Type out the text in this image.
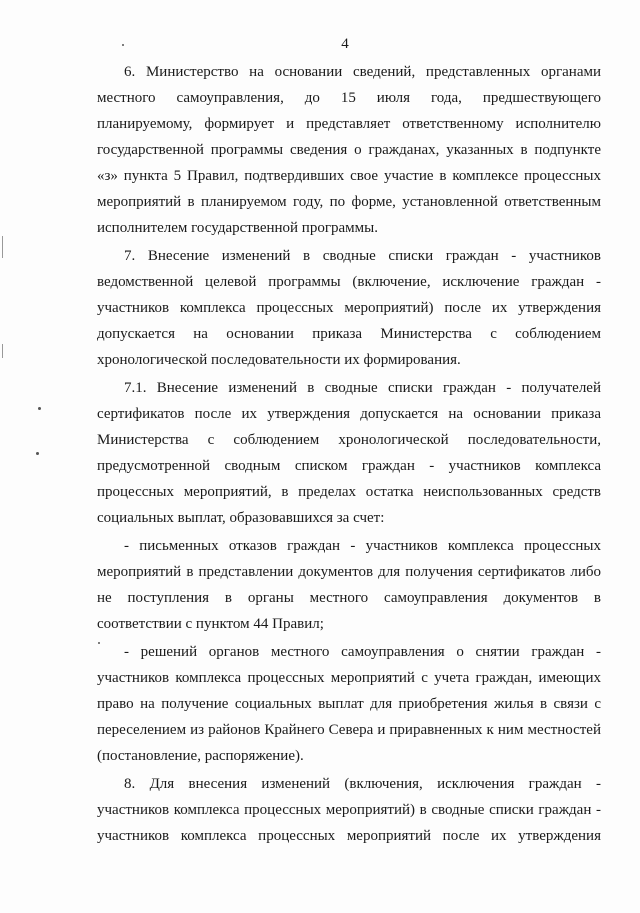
4

6. Министерство на основании сведений, представленных органами
местного самоуправления, до 15 июля года, предшествующего
планируемому, формирует и представляет ответственному исполнителю
государственной программы сведения о гражданах, указанных в подпункте
«з» пункта 5 Правил, подтвердивших свое участие в комплексе процессных
мероприятий в планируемом году, по форме, установленной ответственным
исполнителем государственной программы.

7. Внесение изменений в сводные списки граждан - участников
ведомственной целевой программы (включение, исключение граждан -
участников комплекса процессных мероприятий) после их утверждения
допускается на основании приказа Министерства с соблюдением
хронологической последовательности их формирования.

7.1. Внесение изменений в сводные списки граждан - получателей
сертификатов после их утверждения допускается на основании приказа
Министерства с соблюдением хронологической последовательности,
предусмотренной сводным списком граждан - участников комплекса
процессных мероприятий, в пределах остатка неиспользованных средств
социальных выплат, образовавшихся за счет:

- письменных отказов граждан - участников комплекса процессных
мероприятий в представлении документов для получения сертификатов либо
не поступления в органы местного самоуправления документов в
соответствии с пунктом 44 Правил;

- решений органов местного самоуправления о снятии граждан -
участников комплекса процессных мероприятий с учета граждан, имеющих
право на получение социальных выплат для приобретения жилья в связи с
переселением из районов Крайнего Севера и приравненных к ним местностей
(постановление, распоряжение).

8. Для внесения изменений (включения, исключения граждан -
участников комплекса процессных мероприятий) в сводные списки граждан -
участников комплекса процессных мероприятий после их утверждения
